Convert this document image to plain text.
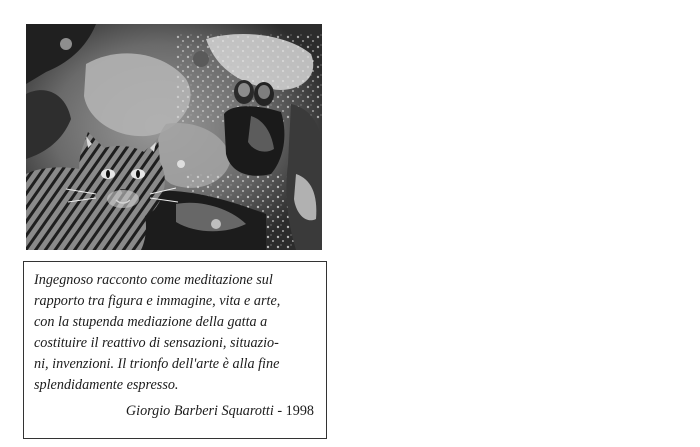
Ingegnoso racconto come meditazione sul
rapporto tra figura e immagine, vita e arte,
con la stupenda mediazione della gatta a
costituire il reattivo di sensazioni, situazio-
ni, invenzioni. Il trionfo dell'arte è alla fine
splendidamente espresso.

Giorgio Barberi Squarotti - 1998
